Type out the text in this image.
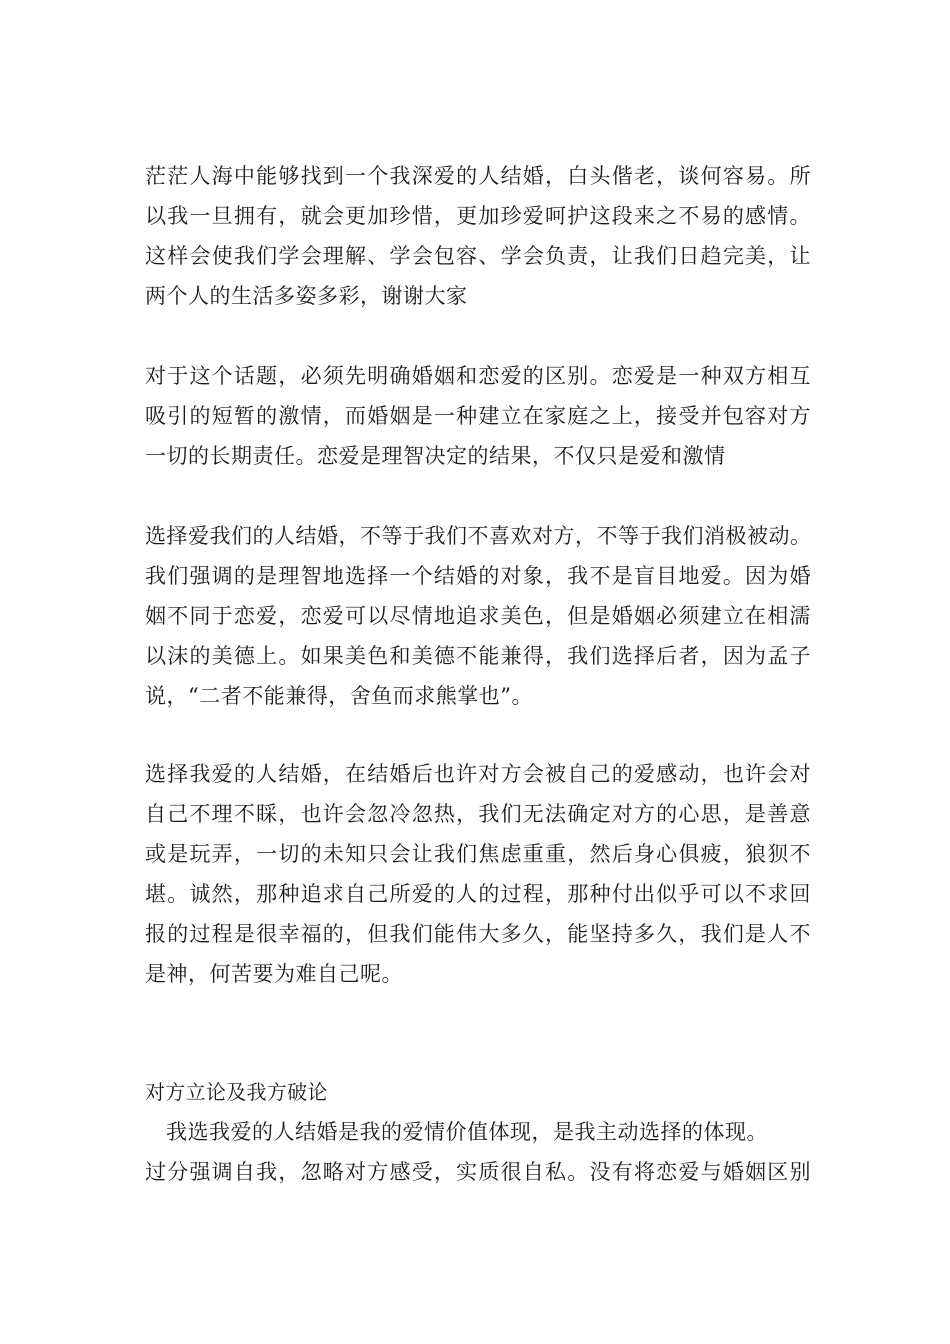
茫茫人海中能够找到一个我深爱的人结婚，白头偕老，谈何容易。所
以我一旦拥有，就会更加珍惜，更加珍爱呵护这段来之不易的感情。
这样会使我们学会理解、学会包容、学会负责，让我们日趋完美，让
两个人的生活多姿多彩，谢谢大家
对于这个话题，必须先明确婚姻和恋爱的区别。恋爱是一种双方相互
吸引的短暂的激情，而婚姻是一种建立在家庭之上，接受并包容对方
一切的长期责任。恋爱是理智决定的结果，不仅只是爱和激情
选择爱我们的人结婚，不等于我们不喜欢对方，不等于我们消极被动。
我们强调的是理智地选择一个结婚的对象，我不是盲目地爱。因为婚
姻不同于恋爱，恋爱可以尽情地追求美色，但是婚姻必须建立在相濡
以沫的美德上。如果美色和美德不能兼得，我们选择后者，因为孟子
说，“二者不能兼得，舍鱼而求熊掌也”。
选择我爱的人结婚，在结婚后也许对方会被自己的爱感动，也许会对
自己不理不睬，也许会忽冷忽热，我们无法确定对方的心思，是善意
或是玩弄，一切的未知只会让我们焦虑重重，然后身心俱疲，狼狈不
堪。诚然，那种追求自己所爱的人的过程，那种付出似乎可以不求回
报的过程是很幸福的，但我们能伟大多久，能坚持多久，我们是人不
是神，何苦要为难自己呢。
对方立论及我方破论
我选我爱的人结婚是我的爱情价值体现，是我主动选择的体现。
过分强调自我，忽略对方感受，实质很自私。没有将恋爱与婚姻区别
